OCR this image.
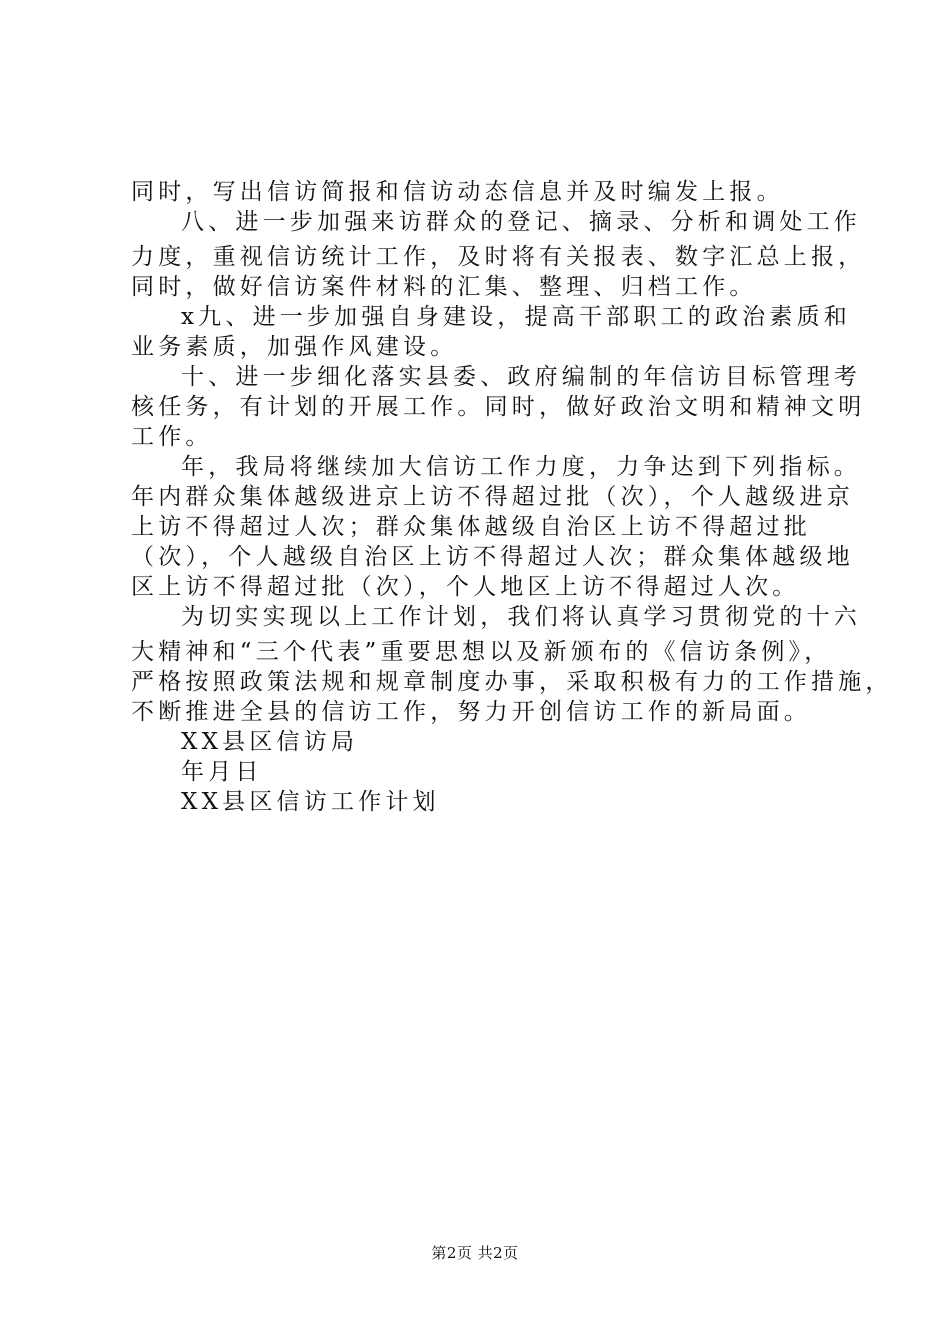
同时，写出信访简报和信访动态信息并及时编发上报。
八、进一步加强来访群众的登记、摘录、分析和调处工作
力度，重视信访统计工作，及时将有关报表、数字汇总上报，
同时，做好信访案件材料的汇集、整理、归档工作。
x九、进一步加强自身建设，提高干部职工的政治素质和
业务素质，加强作风建设。
十、进一步细化落实县委、政府编制的年信访目标管理考
核任务，有计划的开展工作。同时，做好政治文明和精神文明
工作。
年，我局将继续加大信访工作力度，力争达到下列指标。
年内群众集体越级进京上访不得超过批（次），个人越级进京
上访不得超过人次；群众集体越级自治区上访不得超过批
（次），个人越级自治区上访不得超过人次；群众集体越级地
区上访不得超过批（次），个人地区上访不得超过人次。
为切实实现以上工作计划，我们将认真学习贯彻党的十六
大精神和“三个代表”重要思想以及新颁布的《信访条例》，
严格按照政策法规和规章制度办事，采取积极有力的工作措施，
不断推进全县的信访工作，努力开创信访工作的新局面。
XX县区信访局
年月日
XX县区信访工作计划
第2页 共2页
